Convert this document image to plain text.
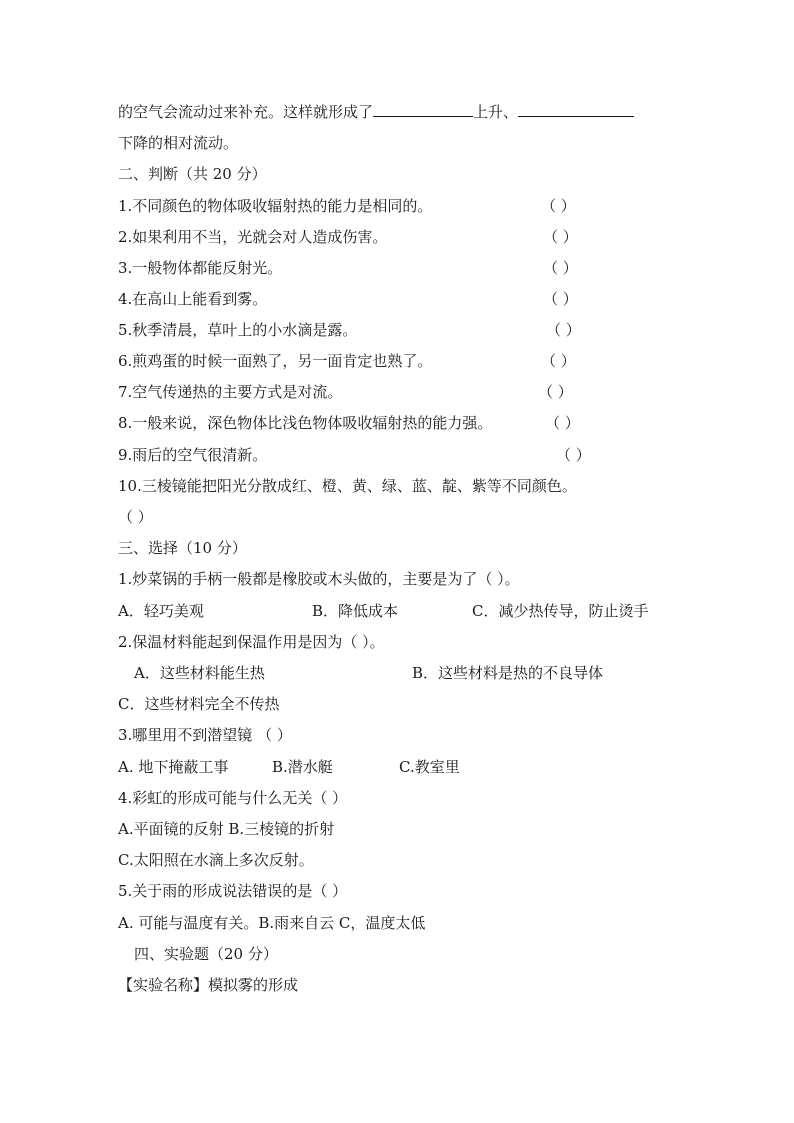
的空气会流动过来补充。这样就形成了	上升、
下降的相对流动。
二、判断（共 20 分）
1.不同颜色的物体吸收辐射热的能力是相同的。	（ ）
2.如果利用不当，光就会对人造成伤害。	（ ）
3.一般物体都能反射光。	（ ）
4.在高山上能看到雾。	（ ）
5.秋季清晨，草叶上的小水滴是露。	（ ）
6.煎鸡蛋的时候一面熟了，另一面肯定也熟了。	（ ）
7.空气传递热的主要方式是对流。	（ ）
8.一般来说，深色物体比浅色物体吸收辐射热的能力强。	（ ）
9.雨后的空气很清新。	（ ）
10.三棱镜能把阳光分散成红、橙、黄、绿、蓝、靛、紫等不同颜色。
（ ）
三、选择（10 分）
1.炒菜锅的手柄一般都是橡胶或木头做的，主要是为了（ ）。
A．轻巧美观	B．降低成本	C．减少热传导，防止烫手
2.保温材料能起到保温作用是因为（ ）。
A．这些材料能生热	B．这些材料是热的不良导体
C．这些材料完全不传热
3.哪里用不到潜望镜 （ ）
A. 地下掩蔽工事	B.潜水艇	C.教室里
4.彩虹的形成可能与什么无关（ ）
A.平面镜的反射 B.三棱镜的折射
C.太阳照在水滴上多次反射。
5.关于雨的形成说法错误的是（ ）
A. 可能与温度有关。B.雨来自云 C，温度太低
四、实验题（20 分）
【实验名称】模拟雾的形成
